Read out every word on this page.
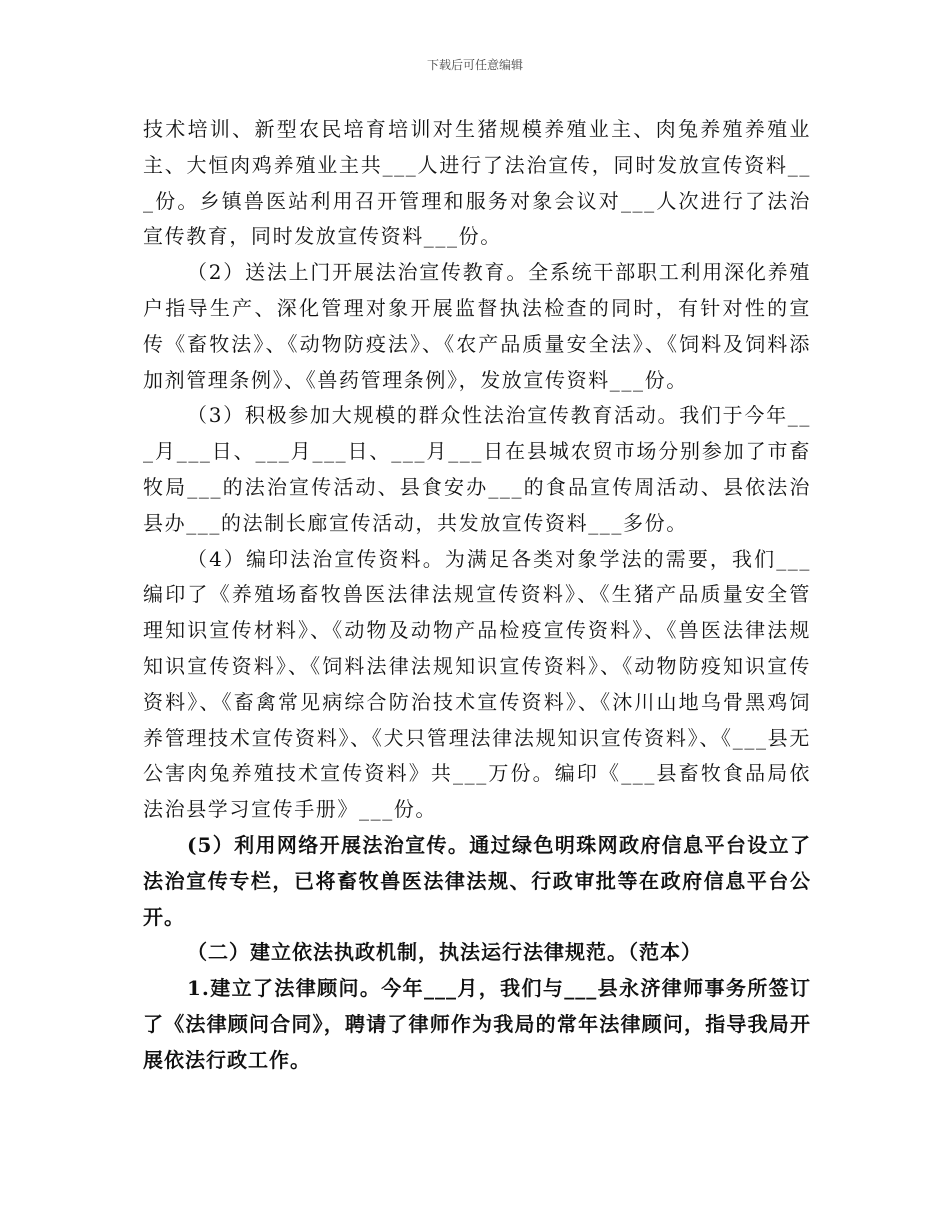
下载后可任意编辑

技术培训、新型农民培育培训对生猪规模养殖业主、肉兔养殖养殖业主、大恒肉鸡养殖业主共___人进行了法治宣传，同时发放宣传资料___份。乡镇兽医站利用召开管理和服务对象会议对___人次进行了法治宣传教育，同时发放宣传资料___份。

（2）送法上门开展法治宣传教育。全系统干部职工利用深化养殖户指导生产、深化管理对象开展监督执法检查的同时，有针对性的宣传《畜牧法》、《动物防疫法》、《农产品质量安全法》、《饲料及饲料添加剂管理条例》、《兽药管理条例》，发放宣传资料___份。

（3）积极参加大规模的群众性法治宣传教育活动。我们于今年___月___日、___月___日、___月___日在县城农贸市场分别参加了市畜牧局___的法治宣传活动、县食安办___的食品宣传周活动、县依法治县办___的法制长廊宣传活动，共发放宣传资料___多份。

（4）编印法治宣传资料。为满足各类对象学法的需要，我们___编印了《养殖场畜牧兽医法律法规宣传资料》、《生猪产品质量安全管理知识宣传材料》、《动物及动物产品检疫宣传资料》、《兽医法律法规知识宣传资料》、《饲料法律法规知识宣传资料》、《动物防疫知识宣传资料》、《畜禽常见病综合防治技术宣传资料》、《沐川山地乌骨黑鸡饲养管理技术宣传资料》、《犬只管理法律法规知识宣传资料》、《___县无公害肉兔养殖技术宣传资料》共___万份。编印《___县畜牧食品局依法治县学习宣传手册》___份。

(5）利用网络开展法治宣传。通过绿色明珠网政府信息平台设立了法治宣传专栏，已将畜牧兽医法律法规、行政审批等在政府信息平台公开。

（二）建立依法执政机制，执法运行法律规范。（范本）

1.建立了法律顾问。今年___月，我们与___县永济律师事务所签订了《法律顾问合同》，聘请了律师作为我局的常年法律顾问，指导我局开展依法行政工作。
